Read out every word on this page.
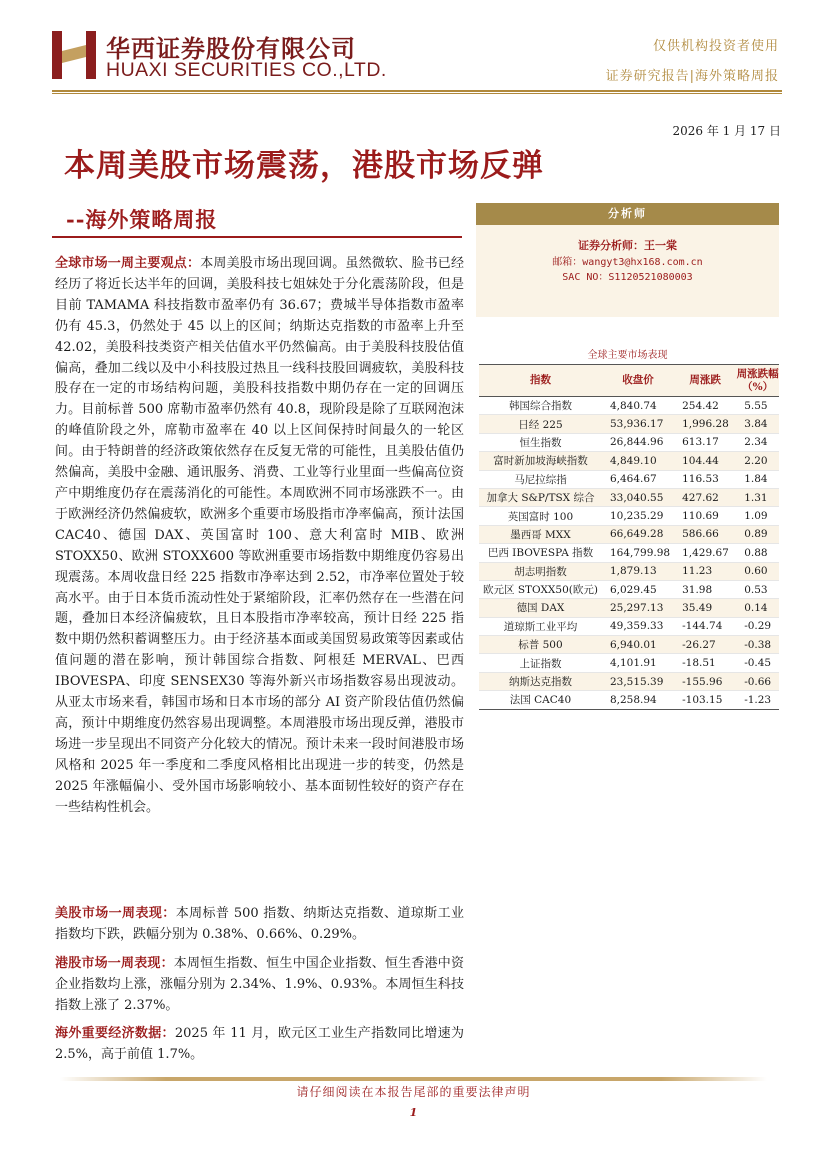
华西证券股份有限公司
HUAXI SECURITIES CO.,LTD.
仅供机构投资者使用
证券研究报告|海外策略周报
2026 年 1 月 17 日
本周美股市场震荡，港股市场反弹
--海外策略周报
全球市场一周主要观点：本周美股市场出现回调。虽然微软、脸书已经经历了将近长达半年的回调，美股科技七姐妹处于分化震荡阶段，但是目前 TAMAMA 科技指数市盈率仍有 36.67；费城半导体指数市盈率仍有 45.3，仍然处于 45 以上的区间；纳斯达克指数的市盈率上升至 42.02，美股科技类资产相关估值水平仍然偏高。由于美股科技股估值偏高，叠加二线以及中小科技股过热且一线科技股回调疲软，美股科技股存在一定的市场结构问题，美股科技指数中期仍存在一定的回调压力。目前标普 500 席勒市盈率仍然有 40.8，现阶段是除了互联网泡沫的峰值阶段之外，席勒市盈率在 40 以上区间保持时间最久的一轮区间。由于特朗普的经济政策依然存在反复无常的可能性，且美股估值仍然偏高，美股中金融、通讯服务、消费、工业等行业里面一些偏高位资产中期维度仍存在震荡消化的可能性。本周欧洲不同市场涨跌不一。由于欧洲经济仍然偏疲软，欧洲多个重要市场股指市净率偏高，预计法国 CAC40、德国 DAX、英国富时 100、意大利富时 MIB、欧洲 STOXX50、欧洲 STOXX600 等欧洲重要市场指数中期维度仍容易出现震荡。本周收盘日经 225 指数市净率达到 2.52，市净率位置处于较高水平。由于日本货币流动性处于紧缩阶段，汇率仍然存在一些潜在问题，叠加日本经济偏疲软，且日本股指市净率较高，预计日经 225 指数中期仍然积蓄调整压力。由于经济基本面或美国贸易政策等因素或估值问题的潜在影响，预计韩国综合指数、阿根廷 MERVAL、巴西 IBOVESPA、印度 SENSEX30 等海外新兴市场指数容易出现波动。从亚太市场来看，韩国市场和日本市场的部分 AI 资产阶段估值仍然偏高，预计中期维度仍然容易出现调整。本周港股市场出现反弹，港股市场进一步呈现出不同资产分化较大的情况。预计未来一段时间港股市场风格和 2025 年一季度和二季度风格相比出现进一步的转变，仍然是 2025 年涨幅偏小、受外国市场影响较小、基本面韧性较好的资产存在一些结构性机会。
美股市场一周表现：本周标普 500 指数、纳斯达克指数、道琼斯工业指数均下跌，跌幅分别为 0.38%、0.66%、0.29%。
港股市场一周表现：本周恒生指数、恒生中国企业指数、恒生香港中资企业指数均上涨，涨幅分别为 2.34%、1.9%、0.93%。本周恒生科技指数上涨了 2.37%。
海外重要经济数据：2025 年 11 月，欧元区工业生产指数同比增速为 2.5%，高于前值 1.7%。
分析师
证券分析师：王一棠
邮箱：wangyt3@hx168.com.cn
SAC NO：S1120521080003
全球主要市场表现
指数	收盘价	周涨跌	周涨跌幅（%）
韩国综合指数	4,840.74	254.42	5.55
日经 225	53,936.17	1,996.28	3.84
恒生指数	26,844.96	613.17	2.34
富时新加坡海峡指数	4,849.10	104.44	2.20
马尼拉综指	6,464.67	116.53	1.84
加拿大 S&P/TSX 综合	33,040.55	427.62	1.31
英国富时 100	10,235.29	110.69	1.09
墨西哥 MXX	66,649.28	586.66	0.89
巴西 IBOVESPA 指数	164,799.98	1,429.67	0.88
胡志明指数	1,879.13	11.23	0.60
欧元区 STOXX50(欧元)	6,029.45	31.98	0.53
德国 DAX	25,297.13	35.49	0.14
道琼斯工业平均	49,359.33	-144.74	-0.29
标普 500	6,940.01	-26.27	-0.38
上证指数	4,101.91	-18.51	-0.45
纳斯达克指数	23,515.39	-155.96	-0.66
法国 CAC40	8,258.94	-103.15	-1.23
请仔细阅读在本报告尾部的重要法律声明
1
